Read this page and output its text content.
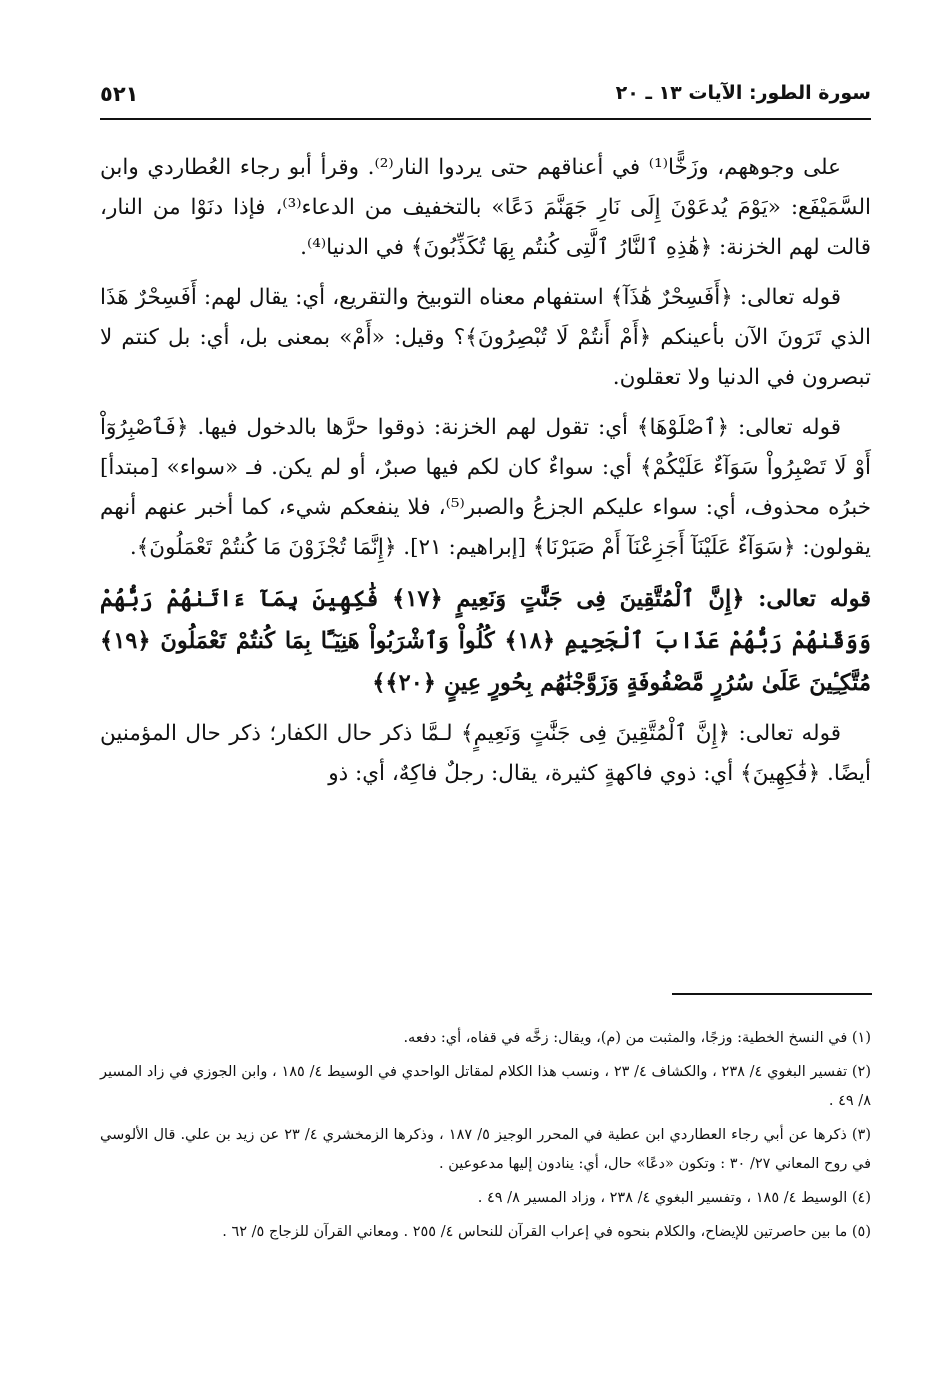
سورة الطور: الآيات ١٣ ـ ٢٠
٥٢١

على وجوههم، وزَخًّا⁽¹⁾ في أعناقهم حتى يردوا النار⁽²⁾. وقرأ أبو رجاء العُطاردي وابن السَّمَيْفَع: «يَوْمَ يُدعَوْنَ إِلَى نَارِ جَهَنَّمَ دَعًا» بالتخفيف من الدعاء⁽³⁾، فإذا دنَوْا من النار، قالت لهم الخزنة: ﴿هَٰذِهِ ٱلنَّارُ ٱلَّتِى كُنتُم بِهَا تُكَذِّبُونَ﴾ في الدنيا⁽⁴⁾.

قوله تعالى: ﴿أَفَسِحْرٌ هَٰذَآ﴾ استفهام معناه التوبيخ والتقريع، أي: يقال لهم: أَفَسِحْرٌ هَذَا الذي تَرَونَ الآن بأعينكم ﴿أَمْ أَنتُمْ لَا تُبْصِرُونَ﴾؟ وقيل: «أَمْ» بمعنى بل، أي: بل كنتم لا تبصرون في الدنيا ولا تعقلون.

قوله تعالى: ﴿ٱصْلَوْهَا﴾ أي: تقول لهم الخزنة: ذوقوا حرَّها بالدخول فيها. ﴿فَٱصْبِرُوٓاْ أَوْ لَا تَصْبِرُواْ سَوَآءٌ عَلَيْكُمْ﴾ أي: سواءٌ كان لكم فيها صبرٌ، أو لم يكن. فـ «سواء» [مبتدأ] خبرُه محذوف، أي: سواء عليكم الجزعُ والصبر⁽⁵⁾، فلا ينفعكم شيء، كما أخبر عنهم أنهم يقولون: ﴿سَوَآءٌ عَلَيْنَآ أَجَزِعْنَآ أَمْ صَبَرْنَا﴾ [إبراهيم: ٢١]. ﴿إِنَّمَا تُجْزَوْنَ مَا كُنتُمْ تَعْمَلُونَ﴾.

قوله تعالى: ﴿إِنَّ ٱلْمُتَّقِينَ فِى جَنَّٰتٍ وَنَعِيمٍ ﴿١٧﴾ فَٰكِهِينَ بِمَآ ءَاتَىٰهُمْ رَبُّهُمْ وَوَقَىٰهُمْ رَبُّهُمْ عَذَابَ ٱلْجَحِيمِ ﴿١٨﴾ كُلُواْ وَٱشْرَبُواْ هَنِيٓـًٔا بِمَا كُنتُمْ تَعْمَلُونَ ﴿١٩﴾ مُتَّكِـِٔينَ عَلَىٰ سُرُرٍ مَّصْفُوفَةٍ وَزَوَّجْنَٰهُم بِحُورٍ عِينٍ ﴿٢٠﴾﴾

قوله تعالى: ﴿إِنَّ ٱلْمُتَّقِينَ فِى جَنَّٰتٍ وَنَعِيمٍ﴾ لـمَّا ذكر حال الكفار؛ ذكر حال المؤمنين أيضًا. ﴿فَٰكِهِينَ﴾ أي: ذوي فاكهةٍ كثيرة، يقال: رجلٌ فاكِهٌ، أي: ذو

(١) في النسخ الخطية: وزجًا، والمثبت من (م)، ويقال: زخَّه في قفاه، أي: دفعه.
(٢) تفسير البغوي ٤/ ٢٣٨ ، والكشاف ٤/ ٢٣ ، ونسب هذا الكلام لمقاتل الواحدي في الوسيط ٤/ ١٨٥ ، وابن الجوزي في زاد المسير ٨/ ٤٩ .
(٣) ذكرها عن أبي رجاء العطاردي ابن عطية في المحرر الوجيز ٥/ ١٨٧ ، وذكرها الزمخشري ٤/ ٢٣ عن زيد بن علي. قال الألوسي في روح المعاني ٢٧/ ٣٠ : وتكون «دعًا» حال، أي: ينادون إليها مدعوعين .
(٤) الوسيط ٤/ ١٨٥ ، وتفسير البغوي ٤/ ٢٣٨ ، وزاد المسير ٨/ ٤٩ .
(٥) ما بين حاصرتين للإيضاح، والكلام بنحوه في إعراب القرآن للنحاس ٤/ ٢٥٥ . ومعاني القرآن للزجاج ٥/ ٦٢ .
